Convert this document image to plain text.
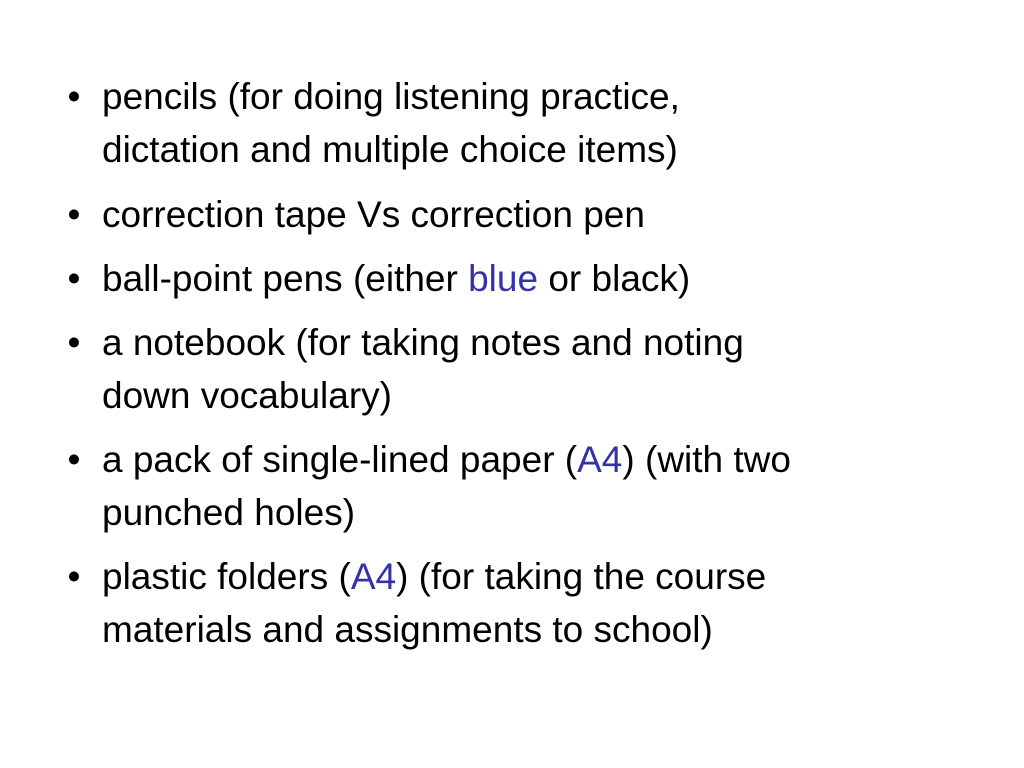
• pencils (for doing listening practice,
dictation and multiple choice items)
• correction tape Vs correction pen
• ball-point pens (either blue or black)
• a notebook (for taking notes and noting
down vocabulary)
• a pack of single-lined paper (A4) (with two
punched holes)
• plastic folders (A4) (for taking the course
materials and assignments to school)
